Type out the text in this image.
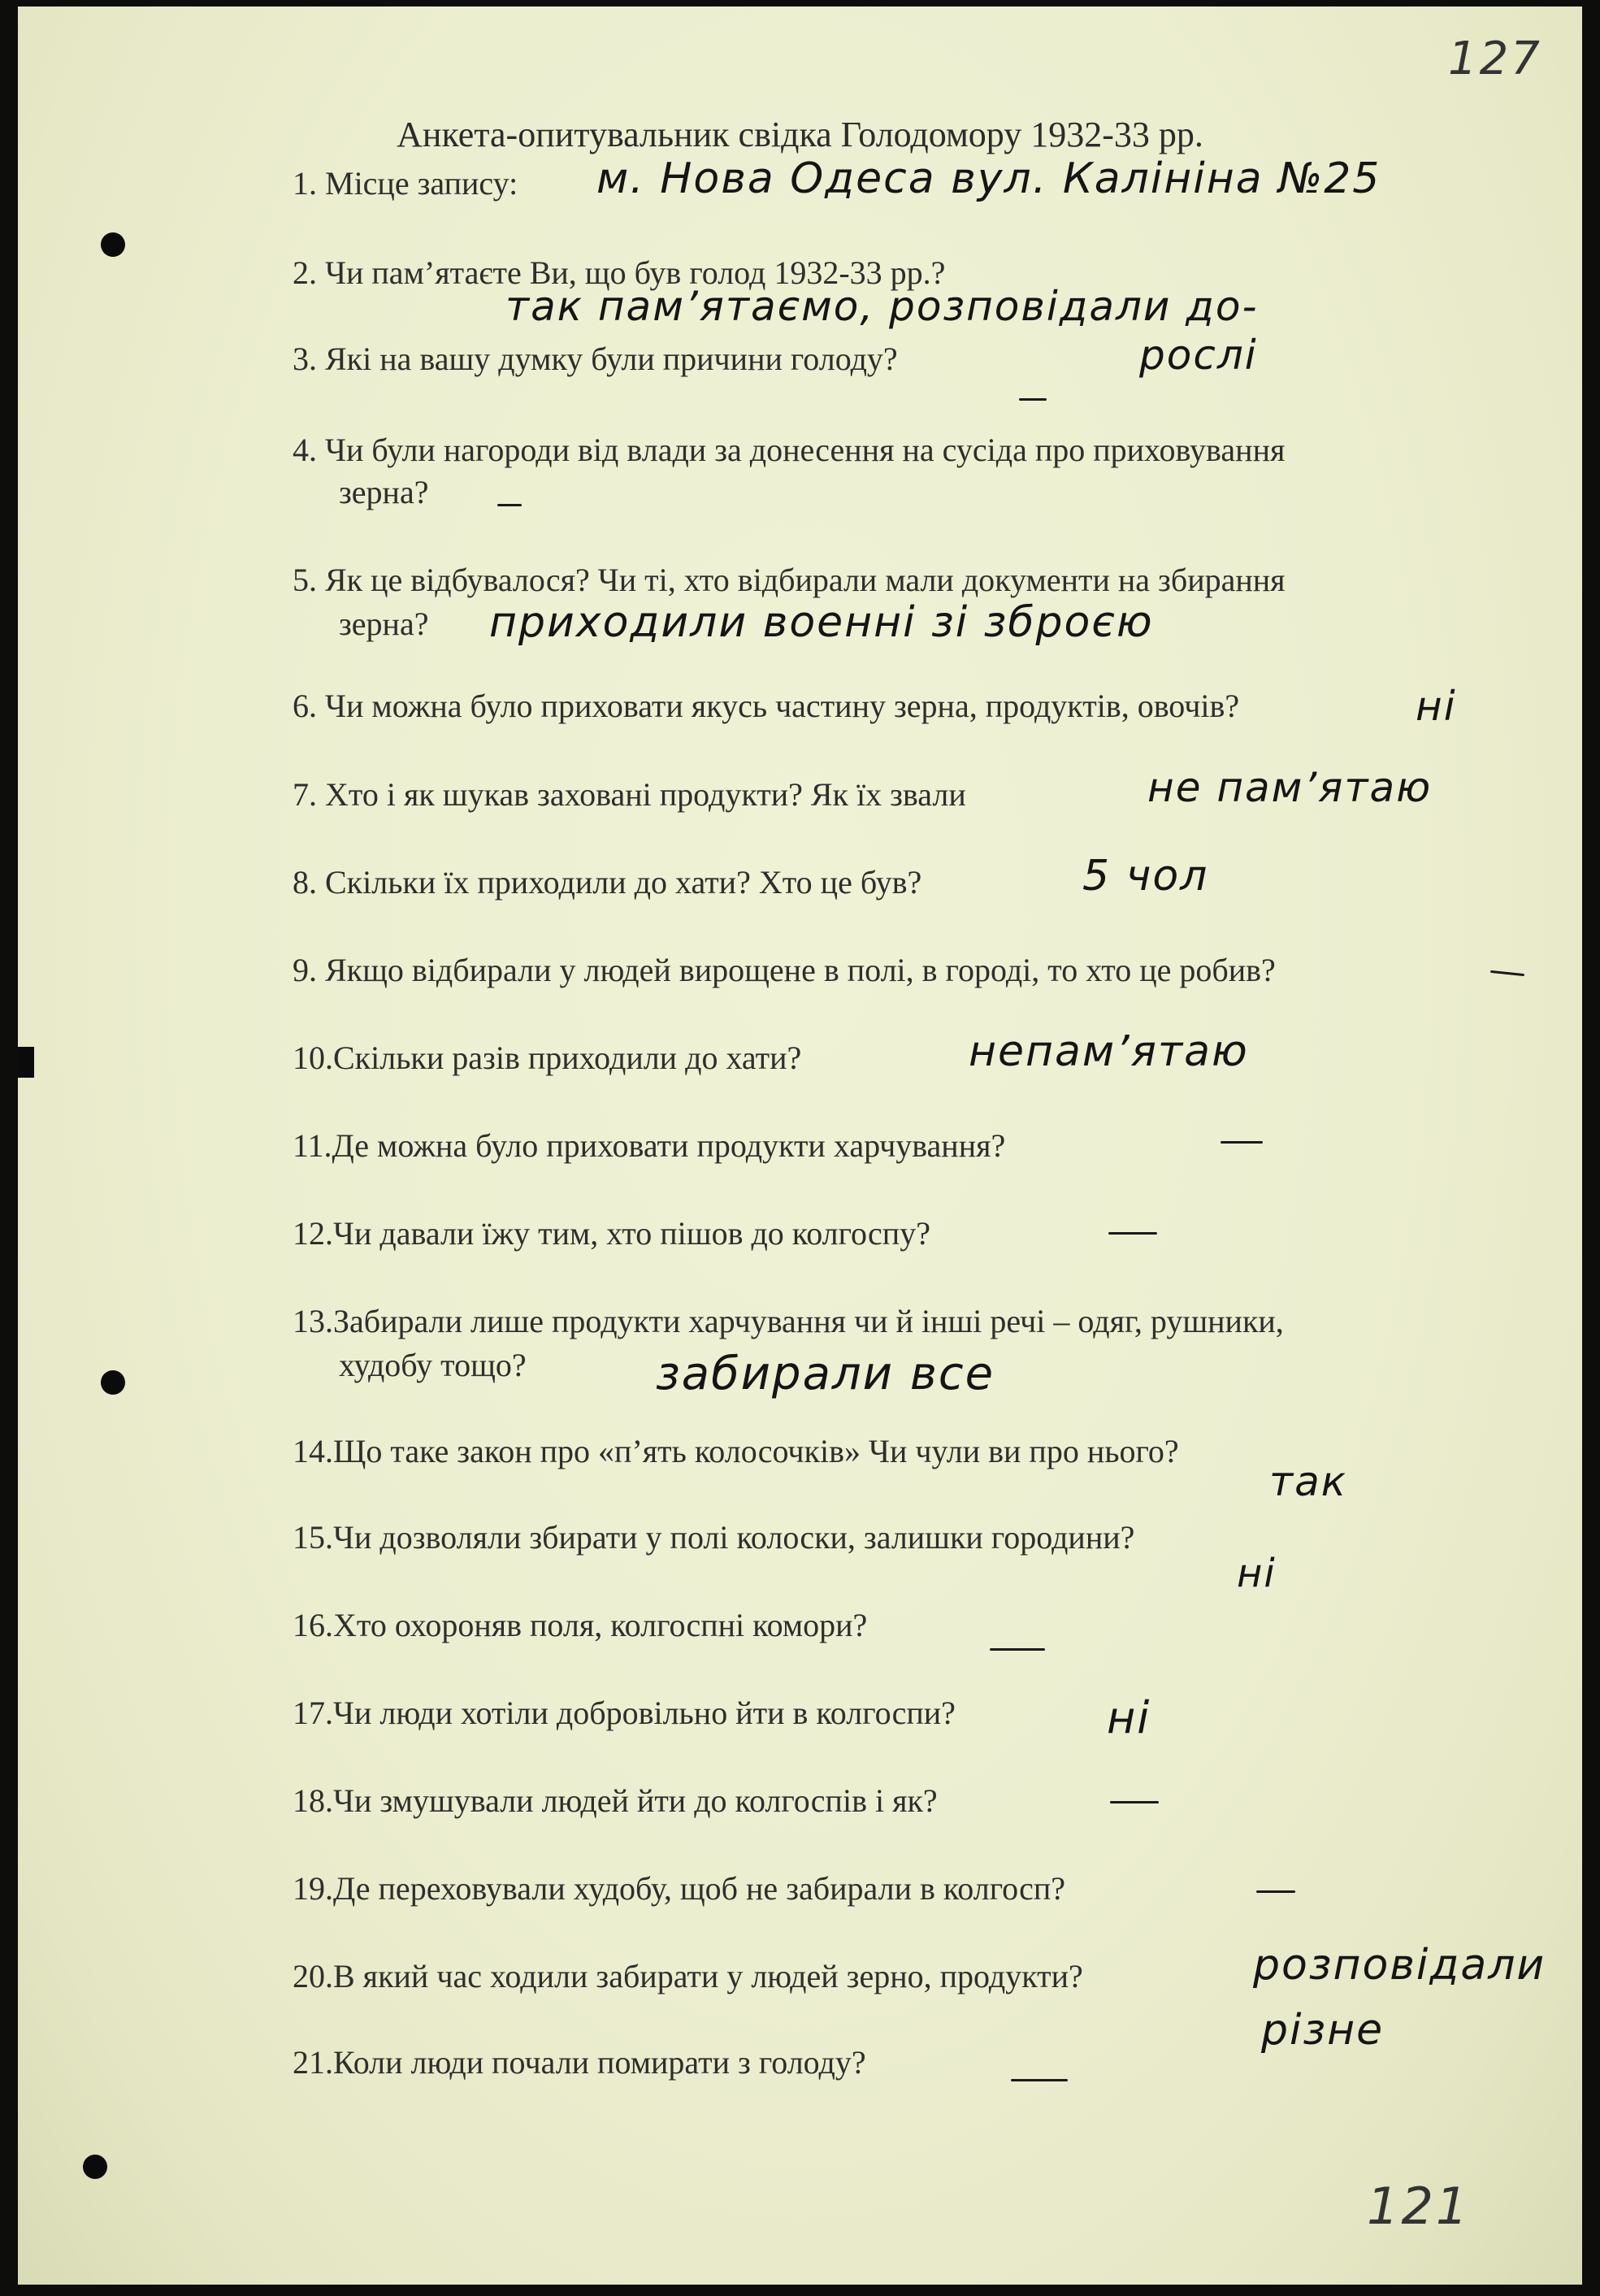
127
121
Анкета-опитувальник свідка Голодомору 1932-33 рр.
1. Місце запису:
2. Чи пам’ятаєте Ви, що був голод 1932-33 рр.?
3. Які на вашу думку були причини голоду?
4. Чи були нагороди від влади за донесення на сусіда про приховування
зерна?
5. Як це відбувалося? Чи ті, хто відбирали мали документи на збирання
зерна?
6. Чи можна було приховати якусь частину зерна, продуктів, овочів?
7. Хто і як шукав заховані продукти? Як їх звали
8. Скільки їх приходили до хати? Хто це був?
9. Якщо відбирали у людей вирощене в полі, в городі, то хто це робив?
10.Скільки разів приходили до хати?
11.Де можна було приховати продукти харчування?
12.Чи давали їжу тим, хто пішов до колгоспу?
13.Забирали лише продукти харчування чи й інші речі – одяг, рушники,
худобу тощо?
14.Що таке закон про «п’ять колосочків» Чи чули ви про нього?
15.Чи дозволяли збирати у полі колоски, залишки городини?
16.Хто охороняв поля, колгоспні комори?
17.Чи люди хотіли добровільно йти в колгоспи?
18.Чи змушували людей йти до колгоспів і як?
19.Де переховували худобу, щоб не забирали в колгосп?
20.В який час ходили забирати у людей зерно, продукти?
21.Коли люди почали помирати з голоду?
м. Нова Одеса вул. Калініна №25
так пам’ятаємо, розповідали до-
рослі
приходили военні зі зброєю
ні
не пам’ятаю
5 чол
непам’ятаю
забирали все
так
ні
ні
розповідали
різне
